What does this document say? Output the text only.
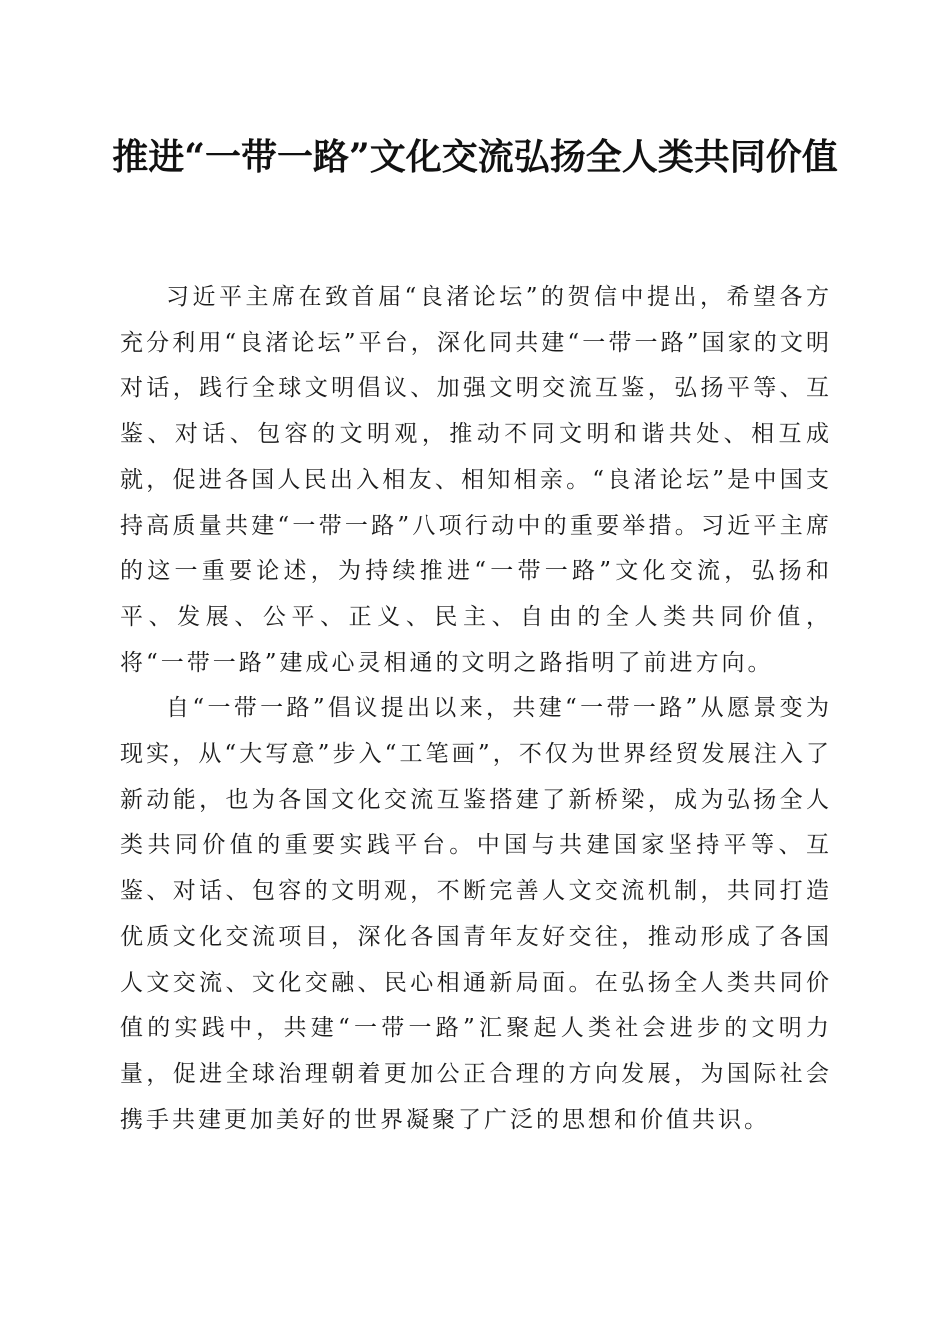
推进“一带一路”文化交流弘扬全人类共同价值

习近平主席在致首届“良渚论坛”的贺信中提出，希望各方充分利用“良渚论坛”平台，深化同共建“一带一路”国家的文明对话，践行全球文明倡议、加强文明交流互鉴，弘扬平等、互鉴、对话、包容的文明观，推动不同文明和谐共处、相互成就，促进各国人民出入相友、相知相亲。“良渚论坛”是中国支持高质量共建“一带一路”八项行动中的重要举措。习近平主席的这一重要论述，为持续推进“一带一路”文化交流，弘扬和平、发展、公平、正义、民主、自由的全人类共同价值，将“一带一路”建成心灵相通的文明之路指明了前进方向。

自“一带一路”倡议提出以来，共建“一带一路”从愿景变为现实，从“大写意”步入“工笔画”，不仅为世界经贸发展注入了新动能，也为各国文化交流互鉴搭建了新桥梁，成为弘扬全人类共同价值的重要实践平台。中国与共建国家坚持平等、互鉴、对话、包容的文明观，不断完善人文交流机制，共同打造优质文化交流项目，深化各国青年友好交往，推动形成了各国人文交流、文化交融、民心相通新局面。在弘扬全人类共同价值的实践中，共建“一带一路”汇聚起人类社会进步的文明力量，促进全球治理朝着更加公正合理的方向发展，为国际社会携手共建更加美好的世界凝聚了广泛的思想和价值共识。
